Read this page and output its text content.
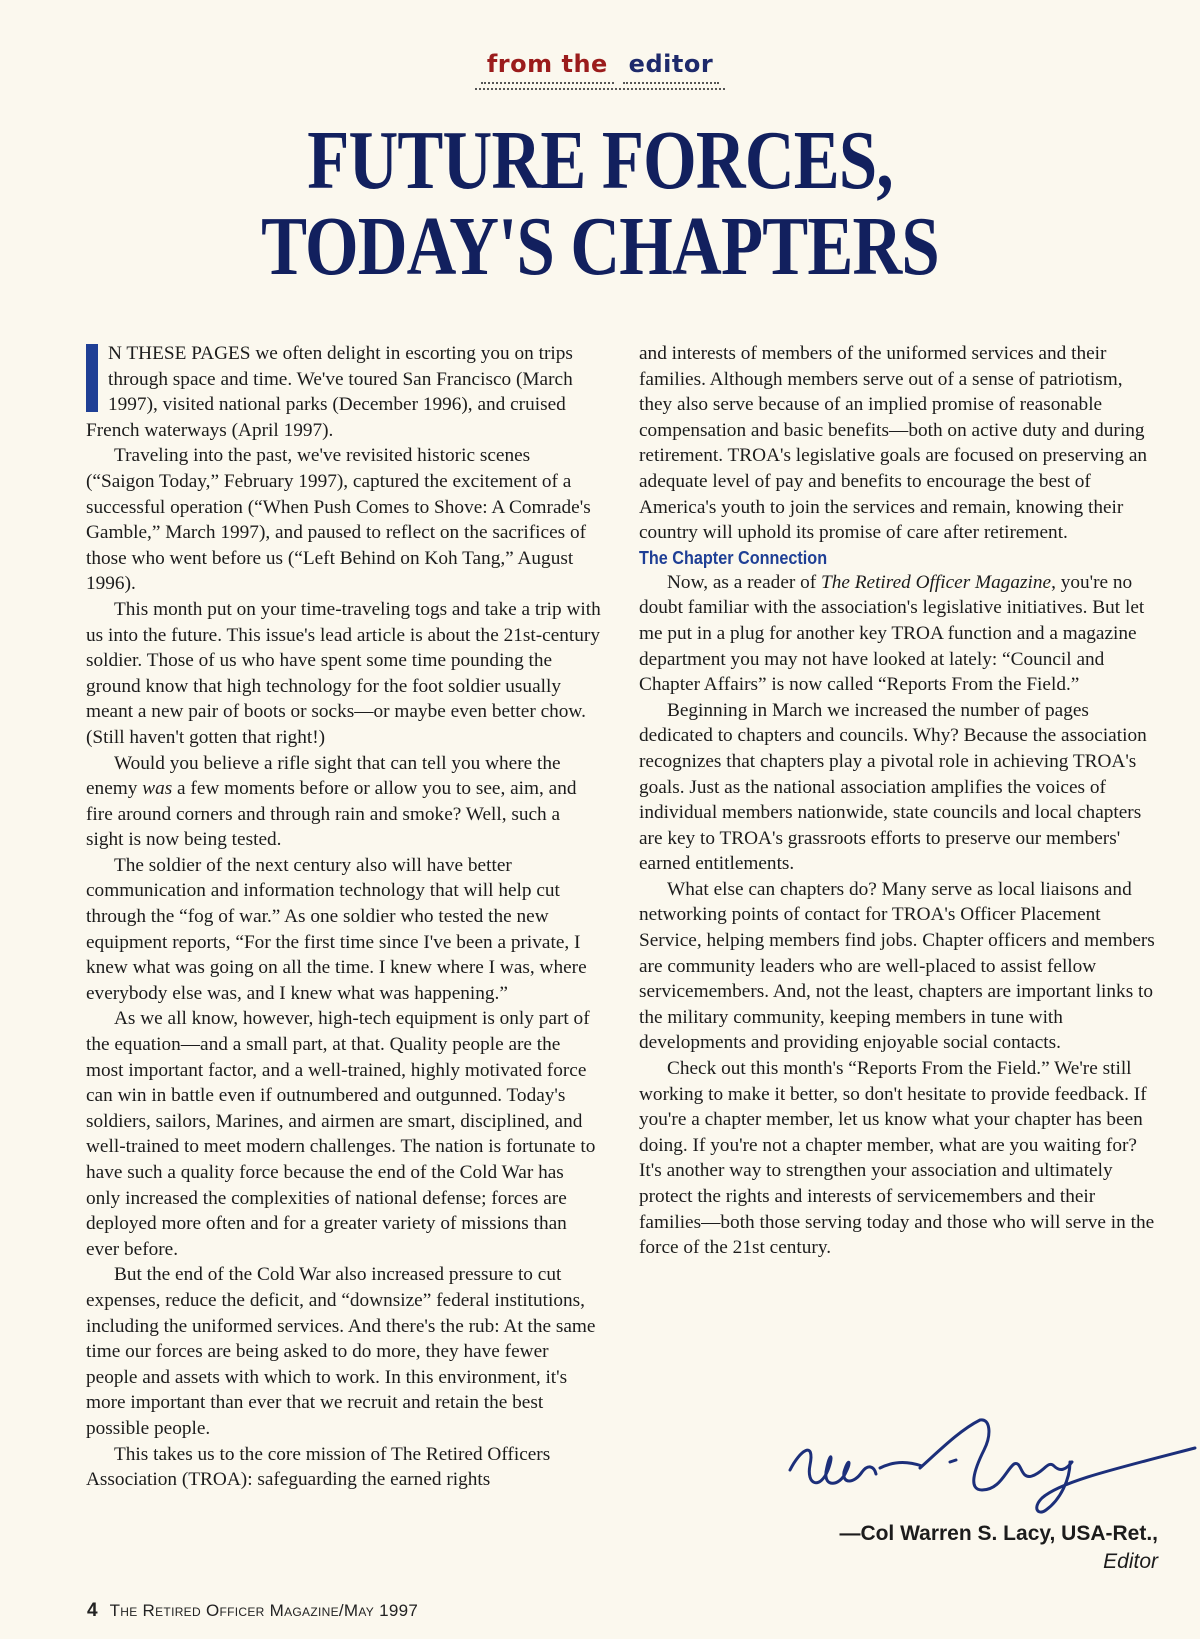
from the editor
FUTURE FORCES,
TODAY'S CHAPTERS

N THESE PAGES we often delight in escorting you on trips through space and time. We've toured San Francisco (March 1997), visited national parks (December 1996), and cruised French waterways (April 1997).

Traveling into the past, we've revisited historic scenes (“Saigon Today,” February 1997), captured the excitement of a successful operation (“When Push Comes to Shove: A Comrade's Gamble,” March 1997), and paused to reflect on the sacrifices of those who went before us (“Left Behind on Koh Tang,” August 1996).

This month put on your time-traveling togs and take a trip with us into the future. This issue's lead article is about the 21st-century soldier. Those of us who have spent some time pounding the ground know that high technology for the foot soldier usually meant a new pair of boots or socks—or maybe even better chow. (Still haven't gotten that right!)

Would you believe a rifle sight that can tell you where the enemy was a few moments before or allow you to see, aim, and fire around corners and through rain and smoke? Well, such a sight is now being tested.

The soldier of the next century also will have better communication and information technology that will help cut through the “fog of war.” As one soldier who tested the new equipment reports, “For the first time since I've been a private, I knew what was going on all the time. I knew where I was, where everybody else was, and I knew what was happening.”

As we all know, however, high-tech equipment is only part of the equation—and a small part, at that. Quality people are the most important factor, and a well-trained, highly motivated force can win in battle even if outnumbered and outgunned. Today's soldiers, sailors, Marines, and airmen are smart, disciplined, and well-trained to meet modern challenges. The nation is fortunate to have such a quality force because the end of the Cold War has only increased the complexities of national defense; forces are deployed more often and for a greater variety of missions than ever before.

But the end of the Cold War also increased pressure to cut expenses, reduce the deficit, and “downsize” federal institutions, including the uniformed services. And there's the rub: At the same time our forces are being asked to do more, they have fewer people and assets with which to work. In this environment, it's more important than ever that we recruit and retain the best possible people.

This takes us to the core mission of The Retired Officers Association (TROA): safeguarding the earned rights

and interests of members of the uniformed services and their families. Although members serve out of a sense of patriotism, they also serve because of an implied promise of reasonable compensation and basic benefits—both on active duty and during retirement. TROA's legislative goals are focused on preserving an adequate level of pay and benefits to encourage the best of America's youth to join the services and remain, knowing their country will uphold its promise of care after retirement.

The Chapter Connection

Now, as a reader of The Retired Officer Magazine, you're no doubt familiar with the association's legislative initiatives. But let me put in a plug for another key TROA function and a magazine department you may not have looked at lately: “Council and Chapter Affairs” is now called “Reports From the Field.”

Beginning in March we increased the number of pages dedicated to chapters and councils. Why? Because the association recognizes that chapters play a pivotal role in achieving TROA's goals. Just as the national association amplifies the voices of individual members nationwide, state councils and local chapters are key to TROA's grassroots efforts to preserve our members' earned entitlements.

What else can chapters do? Many serve as local liaisons and networking points of contact for TROA's Officer Placement Service, helping members find jobs. Chapter officers and members are community leaders who are well-placed to assist fellow servicemembers. And, not the least, chapters are important links to the military community, keeping members in tune with developments and providing enjoyable social contacts.

Check out this month's “Reports From the Field.” We're still working to make it better, so don't hesitate to provide feedback. If you're a chapter member, let us know what your chapter has been doing. If you're not a chapter member, what are you waiting for? It's another way to strengthen your association and ultimately protect the rights and interests of servicemembers and their families—both those serving today and those who will serve in the force of the 21st century.

—Col Warren S. Lacy, USA-Ret.,
Editor
4 The Retired Officer Magazine/May 1997
